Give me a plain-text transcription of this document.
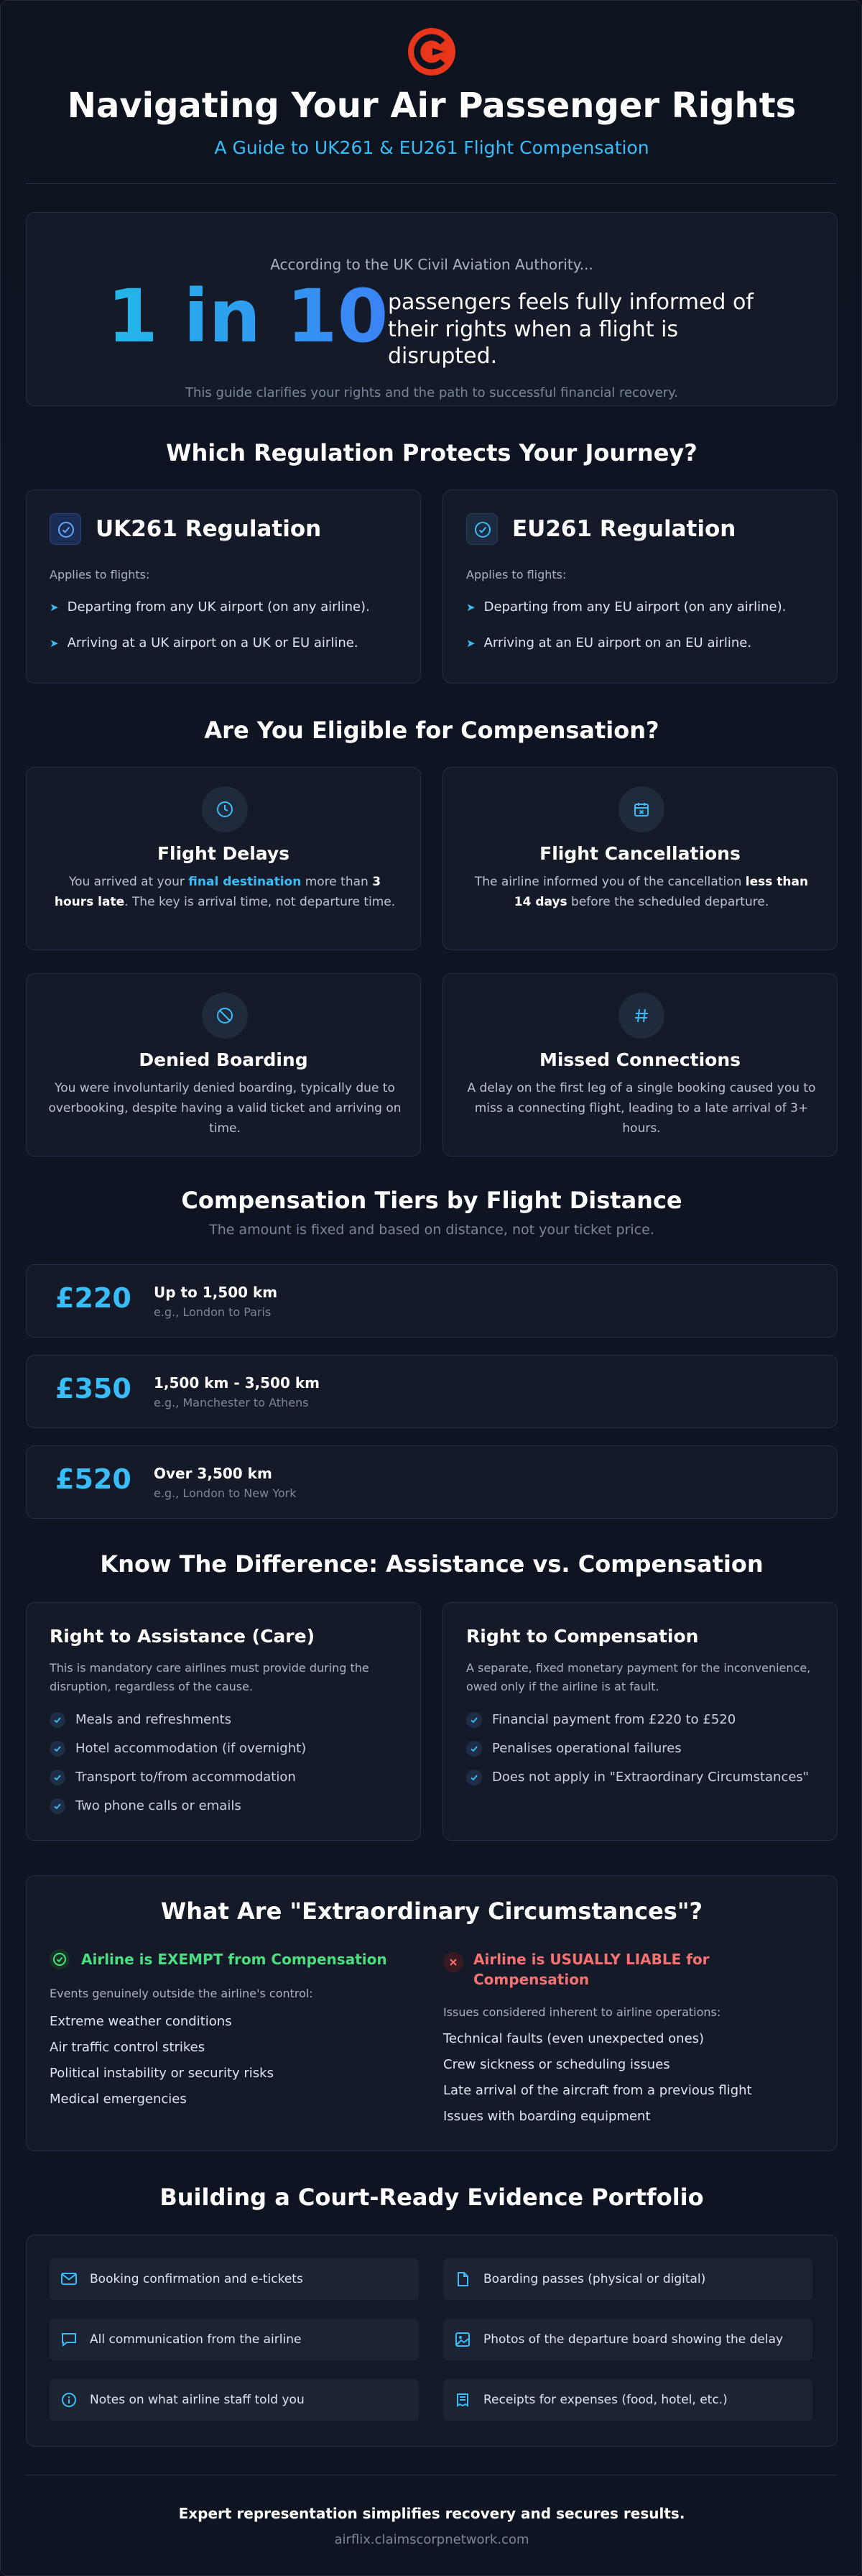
Navigating Your Air Passenger Rights
A Guide to UK261 & EU261 Flight Compensation
According to the UK Civil Aviation Authority...
1 in 10 passengers feels fully informed of their rights when a flight is disrupted.
This guide clarifies your rights and the path to successful financial recovery.
Which Regulation Protects Your Journey?
UK261 Regulation
Applies to flights:
➤ Departing from any UK airport (on any airline).
➤ Arriving at a UK airport on a UK or EU airline.
EU261 Regulation
Applies to flights:
➤ Departing from any EU airport (on any airline).
➤ Arriving at an EU airport on an EU airline.
Are You Eligible for Compensation?
Flight Delays
You arrived at your final destination more than 3 hours late. The key is arrival time, not departure time.
Flight Cancellations
The airline informed you of the cancellation less than 14 days before the scheduled departure.
Denied Boarding
You were involuntarily denied boarding, typically due to overbooking, despite having a valid ticket and arriving on time.
Missed Connections
A delay on the first leg of a single booking caused you to miss a connecting flight, leading to a late arrival of 3+ hours.
Compensation Tiers by Flight Distance
The amount is fixed and based on distance, not your ticket price.
£220 Up to 1,500 km
e.g., London to Paris
£350 1,500 km - 3,500 km
e.g., Manchester to Athens
£520 Over 3,500 km
e.g., London to New York
Know The Difference: Assistance vs. Compensation
Right to Assistance (Care)
This is mandatory care airlines must provide during the disruption, regardless of the cause.
Meals and refreshments
Hotel accommodation (if overnight)
Transport to/from accommodation
Two phone calls or emails
Right to Compensation
A separate, fixed monetary payment for the inconvenience, owed only if the airline is at fault.
Financial payment from £220 to £520
Penalises operational failures
Does not apply in "Extraordinary Circumstances"
What Are "Extraordinary Circumstances"?
Airline is EXEMPT from Compensation
Events genuinely outside the airline's control:
Extreme weather conditions
Air traffic control strikes
Political instability or security risks
Medical emergencies
Airline is USUALLY LIABLE for Compensation
Issues considered inherent to airline operations:
Technical faults (even unexpected ones)
Crew sickness or scheduling issues
Late arrival of the aircraft from a previous flight
Issues with boarding equipment
Building a Court-Ready Evidence Portfolio
Booking confirmation and e-tickets	Boarding passes (physical or digital)
All communication from the airline	Photos of the departure board showing the delay
Notes on what airline staff told you	Receipts for expenses (food, hotel, etc.)
Expert representation simplifies recovery and secures results.
airflix.claimscorpnetwork.com
